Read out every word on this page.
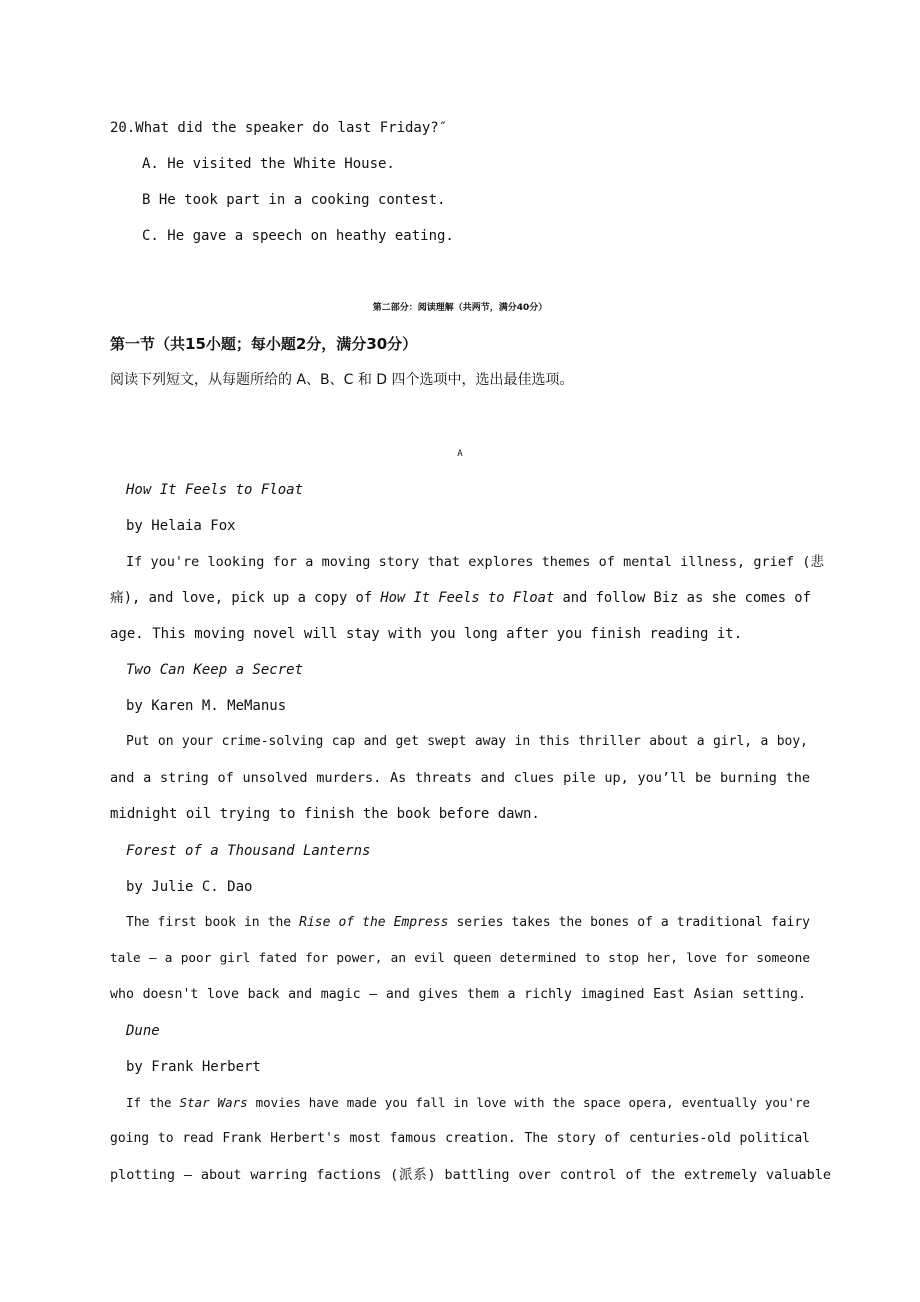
20.What did the speaker do last Friday?″
A. He visited the White House.
B He took part in a cooking contest.
C. He gave a speech on heathy eating.
第二部分：阅读理解（共两节，满分40分）
第一节（共15小题；每小题2分，满分30分）
阅读下列短文，从每题所给的 A、B、C 和 D 四个选项中，选出最佳选项。
A
How It Feels to Float
by Helaia Fox
If you're looking for a moving story that explores themes of mental illness, grief (悲
痛), and love, pick up a copy of How It Feels to Float and follow Biz as she comes of
age. This moving novel will stay with you long after you finish reading it.
Two Can Keep a Secret
by Karen M. MeManus
Put on your crime-solving cap and get swept away in this thriller about a girl, a boy,
and a string of unsolved murders. As threats and clues pile up, you’ll be burning the
midnight oil trying to finish the book before dawn.
Forest of a Thousand Lanterns
by Julie C. Dao
The first book in the Rise of the Empress series takes the bones of a traditional fairy
tale — a poor girl fated for power, an evil queen determined to stop her, love for someone
who doesn't love back and magic — and gives them a richly imagined East Asian setting.
Dune
by Frank Herbert
If the Star Wars movies have made you fall in love with the space opera, eventually you're
going to read Frank Herbert's most famous creation. The story of centuries-old political
plotting — about warring factions (派系) battling over control of the extremely valuable
